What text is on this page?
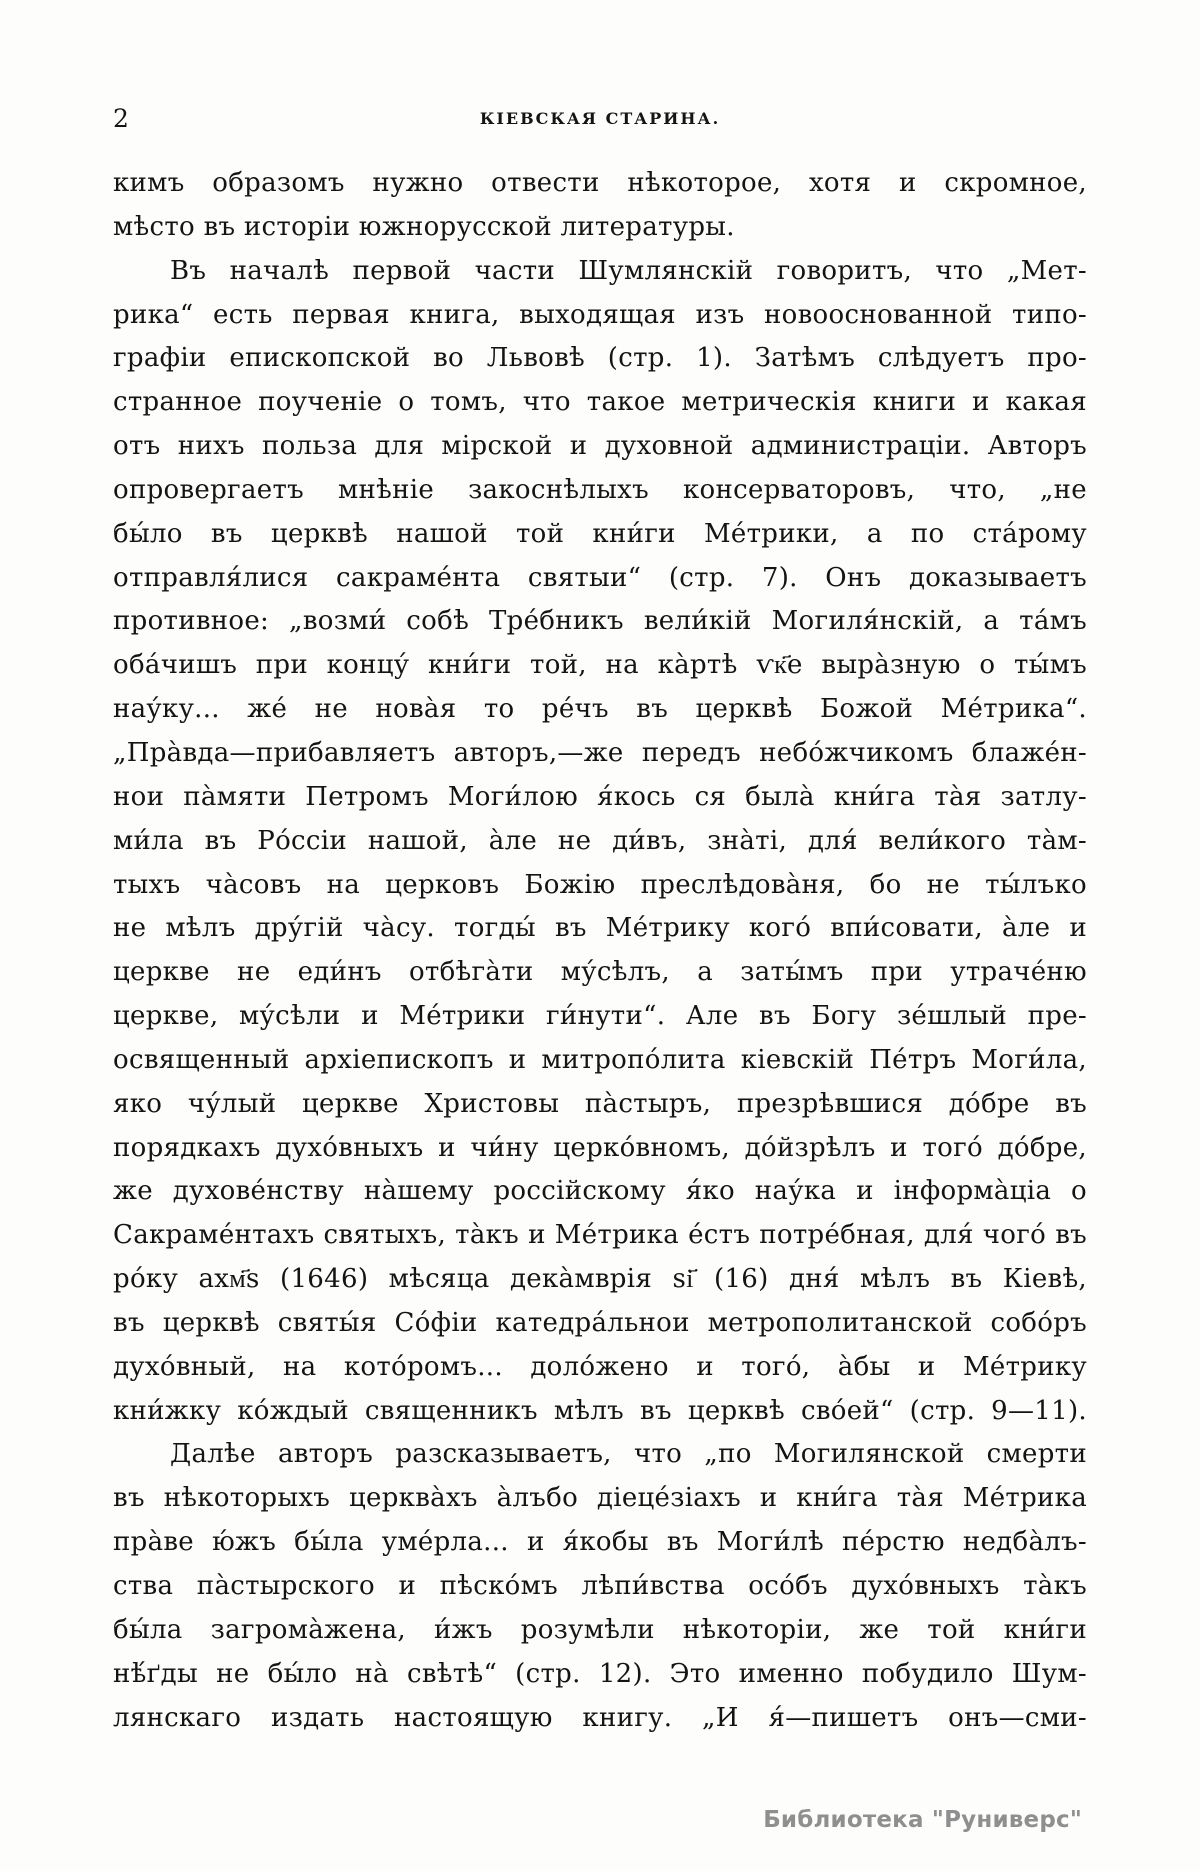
2	КІЕВСКАЯ СТАРИНА.
кимъ образомъ нужно отвести нѣкоторое, хотя и скромное,
мѣсто въ исторіи южнорусской литературы.
Въ началѣ первой части Шумлянскій говоритъ, что „Мет-
рика“ есть первая книга, выходящая изъ новооснованной типо-
графіи епископской во Львовѣ (стр. 1). Затѣмъ слѣдуетъ про-
странное поученіе о томъ, что такое метрическія книги и какая
отъ нихъ польза для мірской и духовной администраціи. Авторъ
опровергаетъ мнѣніе закоснѣлыхъ консерваторовъ, что, „не
бы́ло въ церквѣ нашой той кни́ги Ме́трики, а по ста́рому
отправля́лися сакраме́нта святыи“ (стр. 7). Онъ доказываетъ
противное: „возми́ собѣ Тре́бникъ вели́кій Могиля́нскій, а та́мъ
оба́чишъ при концу́ кни́ги той, на ка̀ртѣ ѵк҃е выра̀зную о ты́мъ
нау́ку... же́ не нова̀я то ре́чъ въ церквѣ Божой Ме́трика“.
„Пра̀вда—прибавляетъ авторъ,—же передъ небо́жчикомъ блаже́н-
нои па̀мяти Петромъ Моги́лою я́кось ся была̀ кни́га та̀я затлу-
ми́ла въ Ро́ссіи нашой, а̀ле не ди́въ, зна̀ті, для́ вели́кого та̀м-
тыхъ ча̀совъ на церковъ Божію преслѣдова̀ня, бо не ты́лъко
не мѣлъ дру́гій ча̀су. тогды́ въ Ме́трику кого́ впи́совати, а̀ле и
церкве не еди́нъ отбѣга̀ти му́сѣлъ, а заты́мъ при утраче́ню
церкве, му́сѣли и Ме́трики ги́нути“. Але въ Богу зе́шлый пре-
освященный архіепископъ и митропо́лита кіевскій Пе́тръ Моги́ла,
яко чу́лый церкве Христовы па̀стыръ, презрѣвшися до́бре въ
порядкахъ духо́вныхъ и чи́ну церко́вномъ, до́йзрѣлъ и того́ до́бре,
же духове́нству на̀шему россійскому я́ко нау́ка и інформа̀ціа о
Сакраме́нтахъ святыхъ, та̀къ и Ме́трика е́стъ потре́бная, для́ чого́ въ
ро́ку ахм҃ѕ (1646) мѣсяца дека̀мврія ѕі҃ (16) дня́ мѣлъ въ Кіевѣ,
въ церквѣ святы́я Со́фіи катедра́льнои метрополитанской собо́ръ
духо́вный, на кото́ромъ... доло́жено и того́, а̀бы и Ме́трику
кни́жку ко́ждый священникъ мѣлъ въ церквѣ сво́ей“ (стр. 9—11).
Далѣе авторъ разсказываетъ, что „по Могилянской смерти
въ нѣкоторыхъ церква̀хъ а̀лъбо діеце́зіахъ и кни́га та̀я Ме́трика
пра̀ве ю́жъ бы́ла уме́рла... и я́кобы въ Моги́лѣ пе́рстю недба̀лъ-
ства па̀стырского и пѣско́мъ лѣпи́вства осо́бъ духо́вныхъ та̀къ
бы́ла загрома̀жена, и́жъ розумѣли нѣкоторіи, же той кни́ги
нѣ́ґды не бы́ло на̀ свѣтѣ“ (стр. 12). Это именно побудило Шум-
лянскаго издать настоящую книгу. „И я́—пишетъ онъ—сми-
Библиотека "Руниверс"
